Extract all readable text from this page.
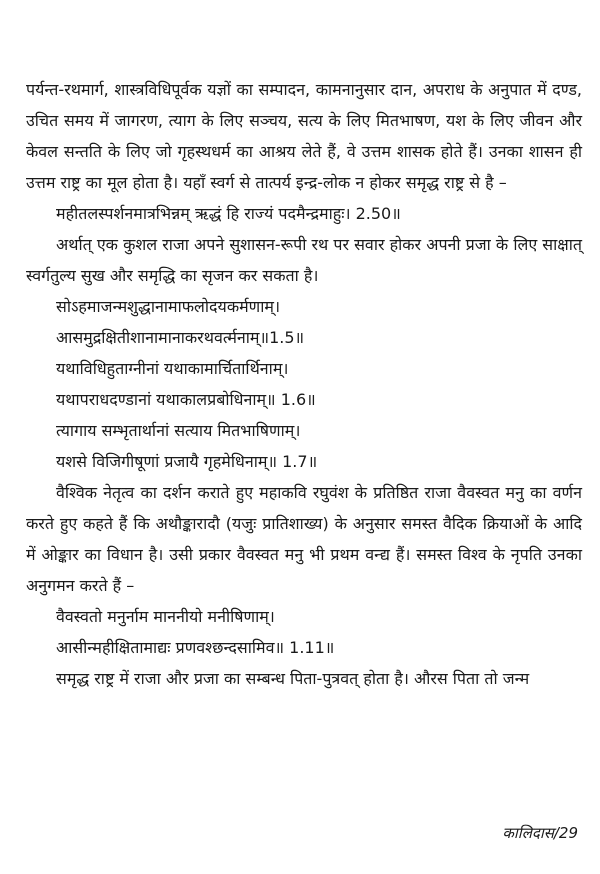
पर्यन्त-रथमार्ग, शास्त्रविधिपूर्वक यज्ञों का सम्पादन, कामनानुसार दान, अपराध के अनुपात में दण्ड, उचित समय में जागरण, त्याग के लिए सञ्चय, सत्य के लिए मितभाषण, यश के लिए जीवन और केवल सन्तति के लिए जो गृहस्थधर्म का आश्रय लेते हैं, वे उत्तम शासक होते हैं। उनका शासन ही उत्तम राष्ट्र का मूल होता है। यहाँ स्वर्ग से तात्पर्य इन्द्र-लोक न होकर समृद्ध राष्ट्र से है –

महीतलस्पर्शनमात्रभिन्नम् ऋद्धं हि राज्यं पदमैन्द्रमाहुः। 2.50॥

अर्थात् एक कुशल राजा अपने सुशासन-रूपी रथ पर सवार होकर अपनी प्रजा के लिए साक्षात् स्वर्गतुल्य सुख और समृद्धि का सृजन कर सकता है।

सोऽहमाजन्मशुद्धानामाफलोदयकर्मणाम्।

आसमुद्रक्षितीशानामानाकरथवर्त्मनाम्॥1.5॥

यथाविधिहुताग्नीनां यथाकामार्चितार्थिनाम्।

यथापराधदण्डानां यथाकालप्रबोधिनाम्॥ 1.6॥

त्यागाय सम्भृतार्थानां सत्याय मितभाषिणाम्।

यशसे विजिगीषूणां प्रजायै गृहमेधिनाम्॥ 1.7॥

वैश्विक नेतृत्व का दर्शन कराते हुए महाकवि रघुवंश के प्रतिष्ठित राजा वैवस्वत मनु का वर्णन करते हुए कहते हैं कि अथौङ्कारादौ (यजुः प्रातिशाख्य) के अनुसार समस्त वैदिक क्रियाओं के आदि में ओङ्कार का विधान है। उसी प्रकार वैवस्वत मनु भी प्रथम वन्द्य हैं। समस्त विश्व के नृपति उनका अनुगमन करते हैं –

वैवस्वतो मनुर्नाम माननीयो मनीषिणाम्।

आसीन्महीक्षितामाद्यः प्रणवश्छन्दसामिव॥ 1.11॥

समृद्ध राष्ट्र में राजा और प्रजा का सम्बन्ध पिता-पुत्रवत् होता है। औरस पिता तो जन्म

कालिदास/29
